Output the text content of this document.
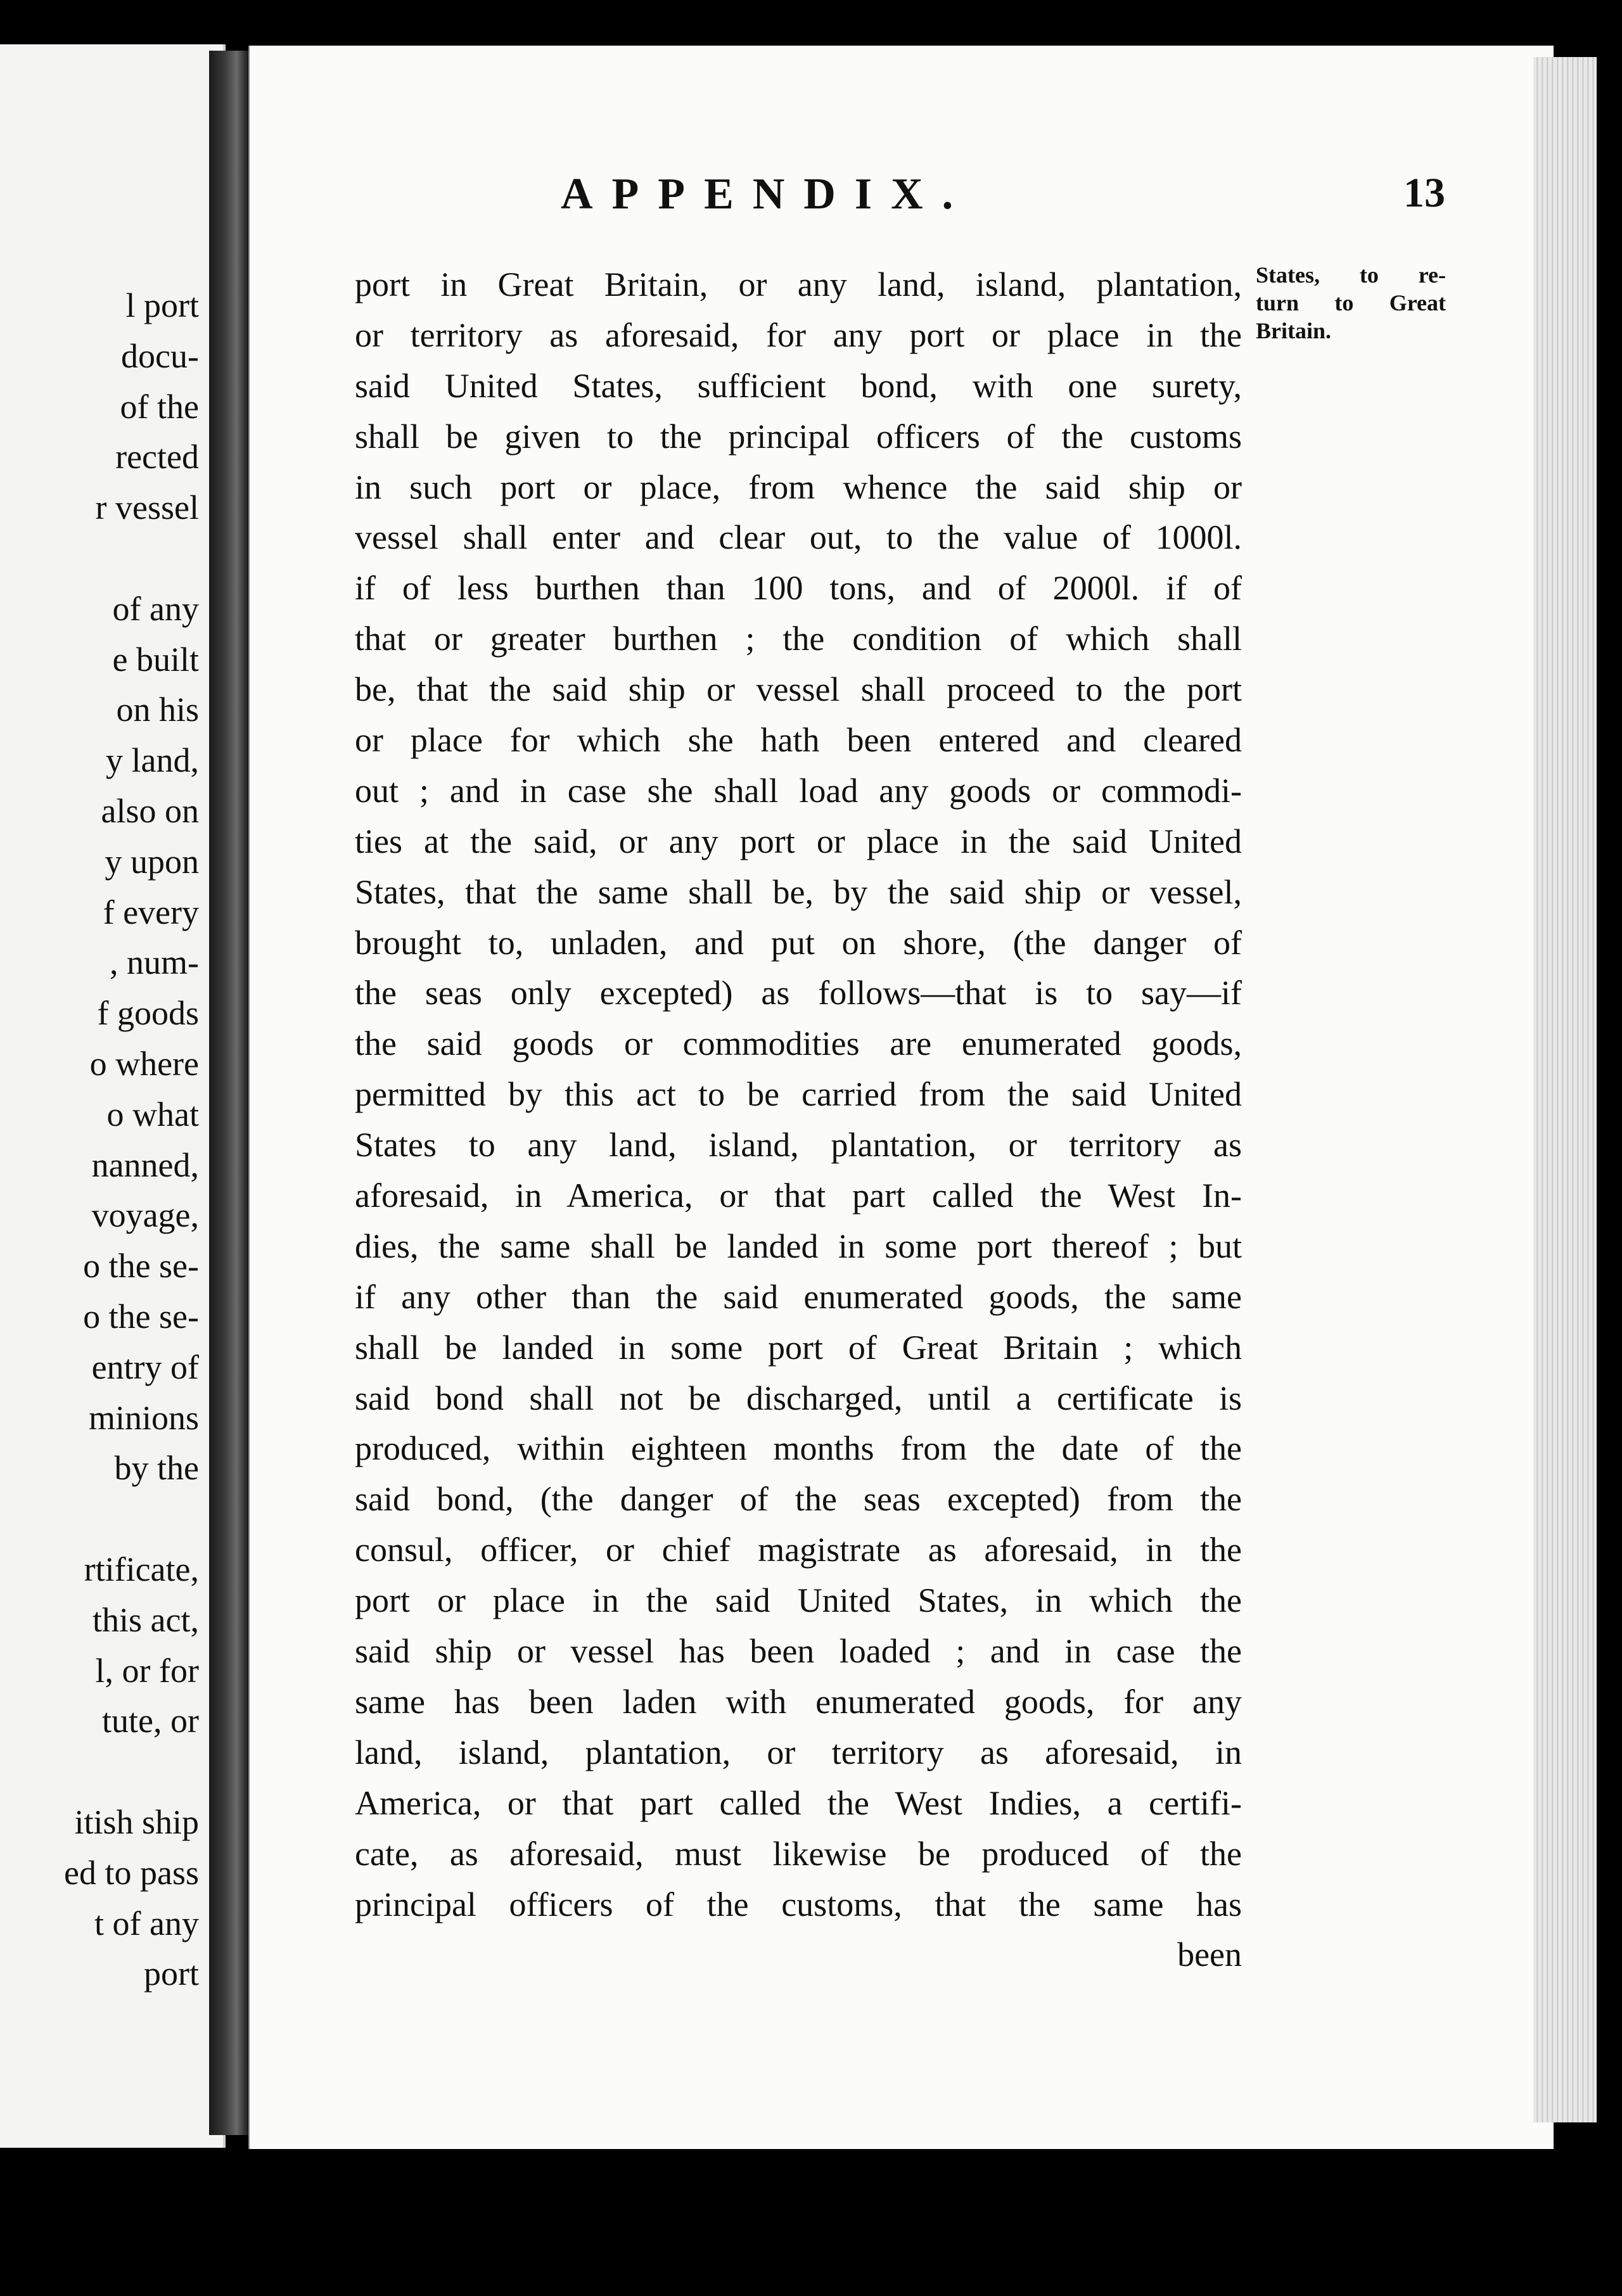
l port
docu-
of the
rected
r vessel
of any
e built
on his
y land,
also on
y upon
f every
, num-
f goods
o where
o what
nanned,
voyage,
o the se-
o the se-
entry of
minions
by the
rtificate,
this act,
l, or for
tute, or
itish ship
ed to pass
t of any
port
APPENDIX.	13
States, to re-
turn to Great
Britain.
port in Great Britain, or any land, island, plantation,
or territory as aforesaid, for any port or place in the
said United States, sufficient bond, with one surety,
shall be given to the principal officers of the customs
in such port or place, from whence the said ship or
vessel shall enter and clear out, to the value of 1000l.
if of less burthen than 100 tons, and of 2000l. if of
that or greater burthen ; the condition of which shall
be, that the said ship or vessel shall proceed to the port
or place for which she hath been entered and cleared
out ; and in case she shall load any goods or commodi-
ties at the said, or any port or place in the said United
States, that the same shall be, by the said ship or vessel,
brought to, unladen, and put on shore, (the danger of
the seas only excepted) as follows—that is to say—if
the said goods or commodities are enumerated goods,
permitted by this act to be carried from the said United
States to any land, island, plantation, or territory as
aforesaid, in America, or that part called the West In-
dies, the same shall be landed in some port thereof ; but
if any other than the said enumerated goods, the same
shall be landed in some port of Great Britain ; which
said bond shall not be discharged, until a certificate is
produced, within eighteen months from the date of the
said bond, (the danger of the seas excepted) from the
consul, officer, or chief magistrate as aforesaid, in the
port or place in the said United States, in which the
said ship or vessel has been loaded ; and in case the
same has been laden with enumerated goods, for any
land, island, plantation, or territory as aforesaid, in
America, or that part called the West Indies, a certifi-
cate, as aforesaid, must likewise be produced of the
principal officers of the customs, that the same has
been
